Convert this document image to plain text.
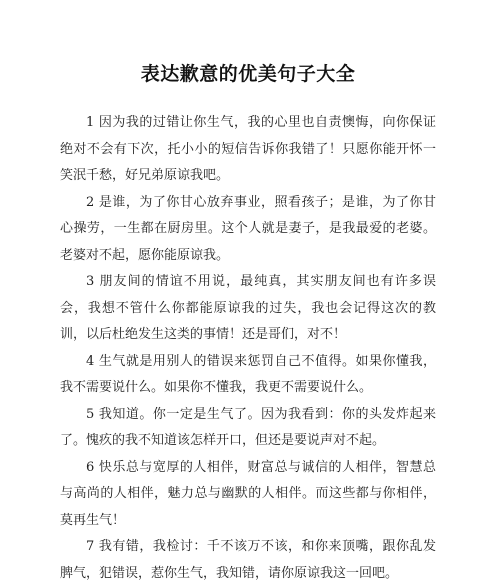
表达歉意的优美句子大全

1 因为我的过错让你生气，我的心里也自责懊悔，向你保证绝对不会有下次，托小小的短信告诉你我错了！只愿你能开怀一笑泯千愁，好兄弟原谅我吧。

2 是谁，为了你甘心放弃事业，照看孩子；是谁，为了你甘心操劳，一生都在厨房里。这个人就是妻子，是我最爱的老婆。老婆对不起，愿你能原谅我。

3 朋友间的情谊不用说，最纯真，其实朋友间也有许多误会，我想不管什么你都能原谅我的过失，我也会记得这次的教训，以后杜绝发生这类的事情！还是哥们，对不！

4 生气就是用别人的错误来惩罚自己不值得。如果你懂我，我不需要说什么。如果你不懂我，我更不需要说什么。

5 我知道。你一定是生气了。因为我看到：你的头发炸起来了。愧疚的我不知道该怎样开口，但还是要说声对不起。

6 快乐总与宽厚的人相伴，财富总与诚信的人相伴，智慧总与高尚的人相伴，魅力总与幽默的人相伴。而这些都与你相伴，莫再生气！

7 我有错，我检讨：千不该万不该，和你来顶嘴，跟你乱发脾气，犯错误，惹你生气，我知错，请你原谅我这一回吧。
